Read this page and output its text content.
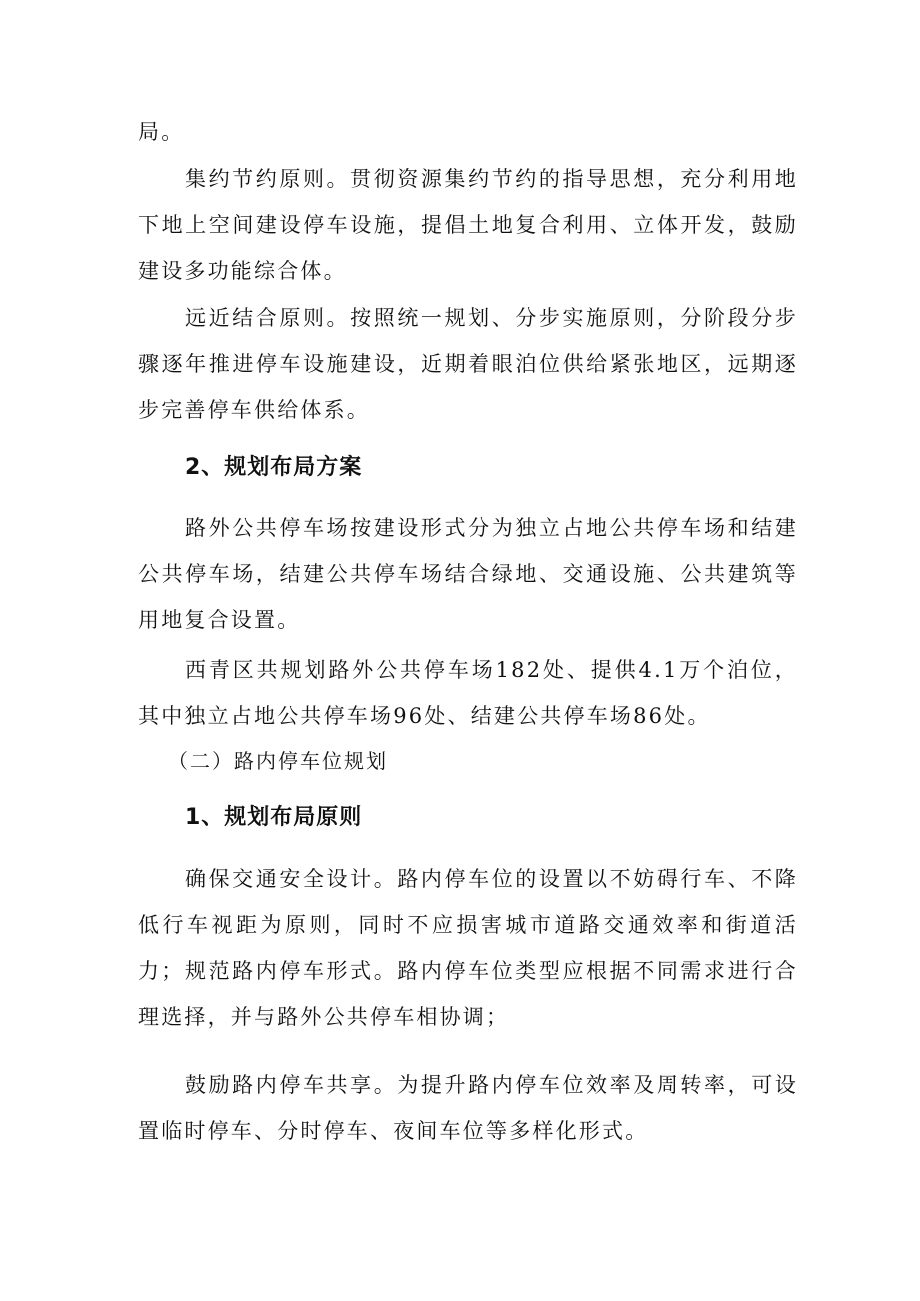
局。

集约节约原则。贯彻资源集约节约的指导思想，充分利用地下地上空间建设停车设施，提倡土地复合利用、立体开发，鼓励建设多功能综合体。

远近结合原则。按照统一规划、分步实施原则，分阶段分步骤逐年推进停车设施建设，近期着眼泊位供给紧张地区，远期逐步完善停车供给体系。

2、规划布局方案

路外公共停车场按建设形式分为独立占地公共停车场和结建公共停车场，结建公共停车场结合绿地、交通设施、公共建筑等用地复合设置。

西青区共规划路外公共停车场182处、提供4.1万个泊位，其中独立占地公共停车场96处、结建公共停车场86处。

（二）路内停车位规划

1、规划布局原则

确保交通安全设计。路内停车位的设置以不妨碍行车、不降低行车视距为原则，同时不应损害城市道路交通效率和街道活力； 规范路内停车形式。路内停车位类型应根据不同需求进行合理选择，并与路外公共停车相协调；

鼓励路内停车共享。为提升路内停车位效率及周转率，可设置临时停车、分时停车、夜间车位等多样化形式。
